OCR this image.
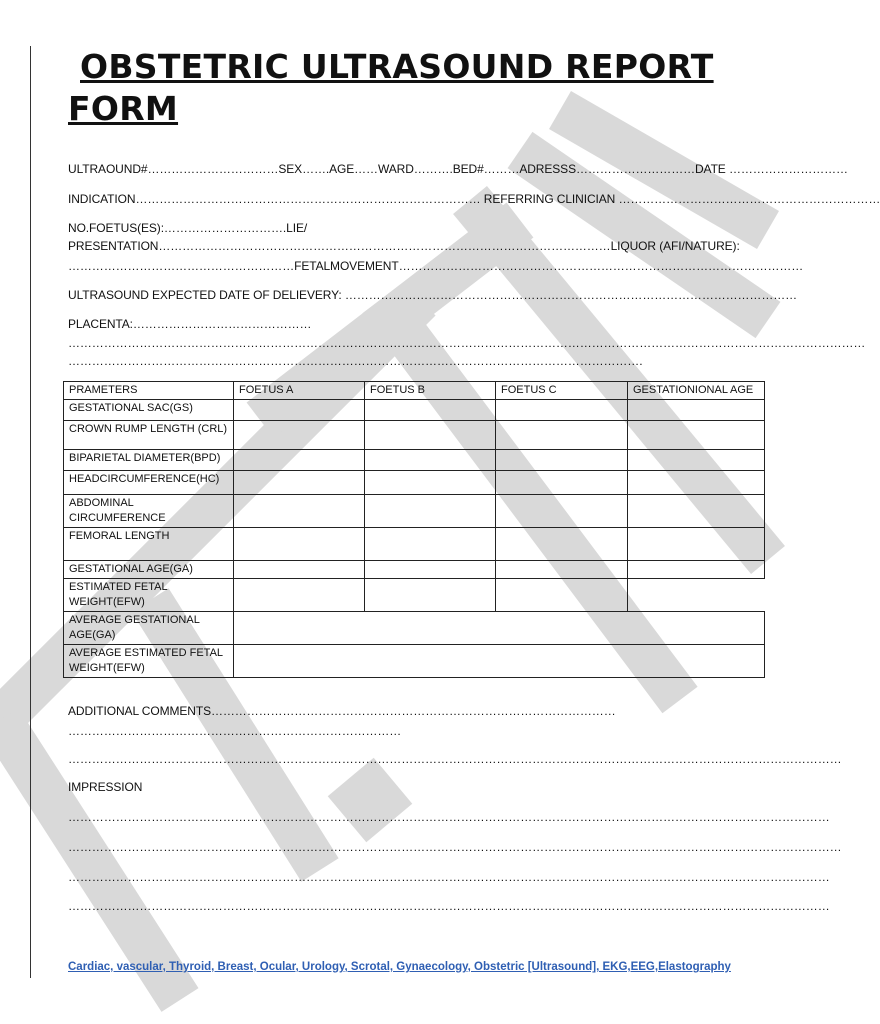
OBSTETRIC ULTRASOUND REPORT
FORM
ULTRAOUND#……………………………SEX…….AGE……WARD……….BED#………ADRESSS…………………………DATE …………………………
INDICATION…………………………………………………………………………… REFERRING CLINICIAN …………………………………………………………
NO.FOETUS(ES):………………………….LIE/
PRESENTATION……………………………………………………………………………………………………LIQUOR (AFI/NATURE):
…………………………………………………FETALMOVEMENT…………………………………………………………………………………………
ULTRASOUND EXPECTED DATE OF DELIEVERY: ……………………………………………………………………………………………………
PLACENTA:………………………………………
…………………………………………………………………………………………………………………………………………………………………………………
……………………………………………………………………………………………………………………………….
PRAMETERS	FOETUS A	FOETUS B	FOETUS C	GESTATIONIONAL AGE
GESTATIONAL SAC(GS)				
CROWN RUMP LENGTH (CRL)				
BIPARIETAL DIAMETER(BPD)				
HEADCIRCUMFERENCE(HC)				
ABDOMINAL CIRCUMFERENCE				
FEMORAL LENGTH				
GESTATIONAL AGE(GA)				
ESTIMATED FETAL WEIGHT(EFW)				
AVERAGE GESTATIONAL AGE(GA)				
AVERAGE ESTIMATED FETAL WEIGHT(EFW)				
ADDITIONAL COMMENTS…………………………………………………………………………………………
…………………………………………………………………………
……………………………………………………………………………………………………………………………………………………………………………
IMPRESSION
…………………………………………………………………………………………………………………………………………………………………………
……………………………………………………………………………………………………………………………………………………………………………
…………………………………………………………………………………………………………………………………………………………………………
…………………………………………………………………………………………………………………………………………………………………………
Cardiac, vascular, Thyroid, Breast, Ocular, Urology, Scrotal, Gynaecology, Obstetric [Ultrasound], EKG,EEG,Elastography
